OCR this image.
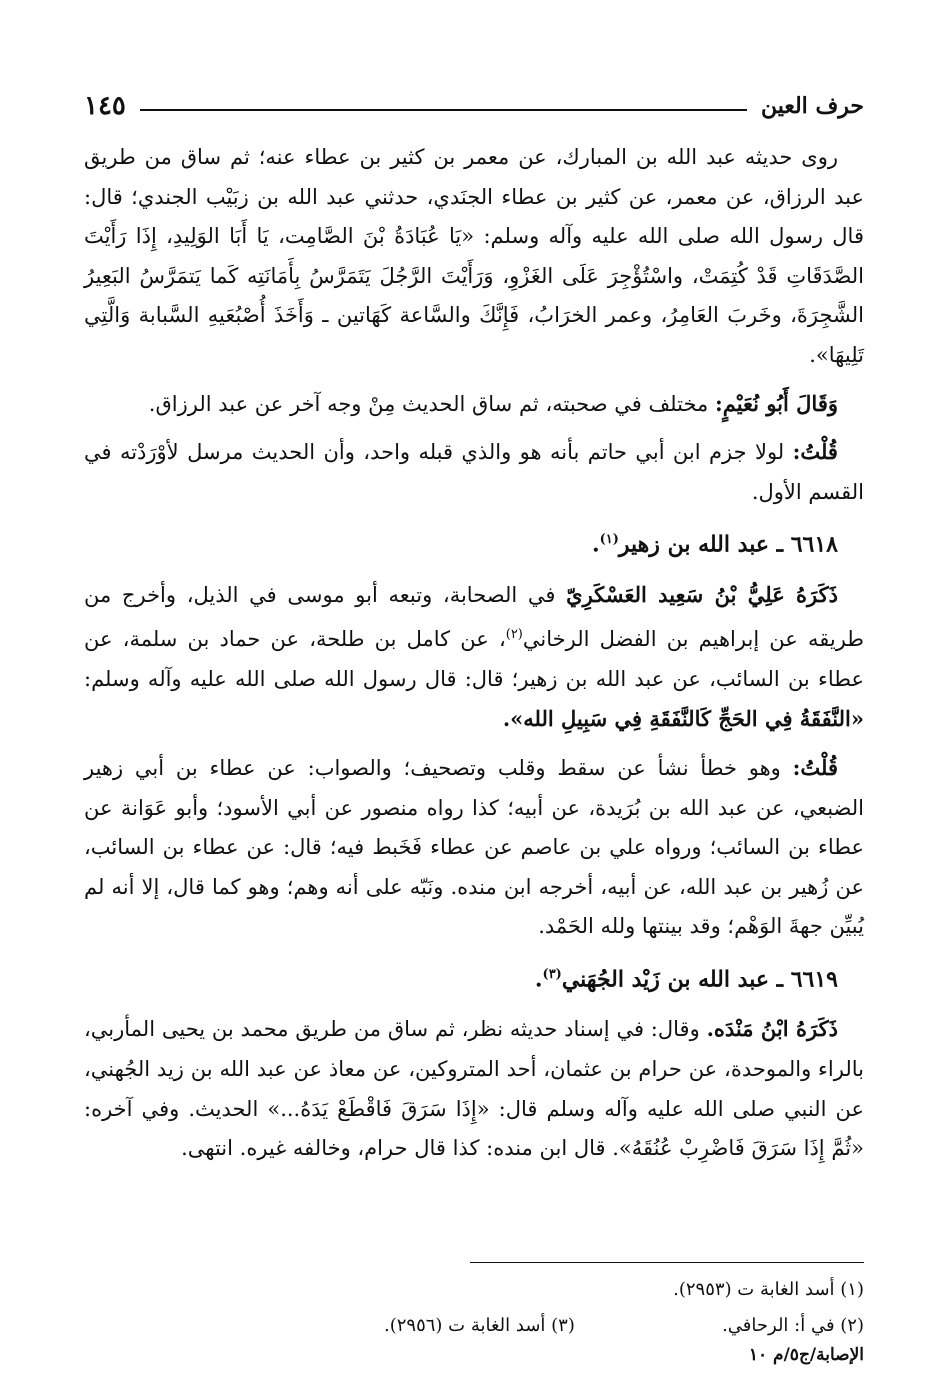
حرف العين
١٤٥

روى حديثه عبد الله بن المبارك، عن معمر بن كثير بن عطاء عنه؛ ثم ساق من طريق عبد الرزاق، عن معمر، عن كثير بن عطاء الجنَدي، حدثني عبد الله بن زبَيْب الجندي؛ قال: قال رسول الله صلى الله عليه وآله وسلم: «يَا عُبَادَةُ بْنَ الصَّامِت، يَا أَبَا الوَلِيدِ، إِذَا رَأَيْتَ الصَّدَقَاتِ قَدْ كُتِمَتْ، واسْتُؤْجِرَ عَلَى الغَزْوِ، وَرَأَيْتَ الرَّجُلَ يَتَمَرَّسُ بِأَمَانَتِه كَما يَتمَرَّسُ البَعِيرُ الشَّجِرَةَ، وخَربَ العَامِرُ، وعمر الخرَابُ، فَإِنَّكَ والسَّاعة كَهَاتين ـ وَأَخَذَ أُصْبُعَيهِ السَّبابة وَالَّتِي تَلِيهَا».

وَقَالَ أَبُو نُعَيْمٍ: مختلف في صحبته، ثم ساق الحديث مِنْ وجه آخر عن عبد الرزاق.

قُلْتُ: لولا جزم ابن أبي حاتم بأنه هو والذي قبله واحد، وأن الحديث مرسل لأوْرَدْته في القسم الأول.

٦٦١٨ ـ عبد الله بن زهير$^{(١)}$.

ذَكَرَهُ عَلِيُّ بْنُ سَعِيد العَسْكَرِيّ في الصحابة، وتبعه أبو موسى في الذيل، وأخرج من طريقه عن إبراهيم بن الفضل الرخاني$^{(٢)}$، عن كامل بن طلحة، عن حماد بن سلمة، عن عطاء بن السائب، عن عبد الله بن زهير؛ قال: قال رسول الله صلى الله عليه وآله وسلم: «النَّفَقَةُ فِي الحَجِّ كَالنَّفَقَةِ فِي سَبِيلِ الله».

قُلْتُ: وهو خطأ نشأ عن سقط وقلب وتصحيف؛ والصواب: عن عطاء بن أبي زهير الضبعي، عن عبد الله بن بُرَيدة، عن أبيه؛ كذا رواه منصور عن أبي الأسود؛ وأبو عَوَانة عن عطاء بن السائب؛ ورواه علي بن عاصم عن عطاء فَخَبط فيه؛ قال: عن عطاء بن السائب، عن زُهير بن عبد الله، عن أبيه، أخرجه ابن منده. ونَبّه على أنه وهم؛ وهو كما قال، إلا أنه لم يُبيِّن جهةَ الوَهْم؛ وقد بينتها ولله الحَمْد.

٦٦١٩ ـ عبد الله بن زَيْد الجُهَني$^{(٣)}$.

ذَكَرَهُ ابْنُ مَنْدَه. وقال: في إسناد حديثه نظر، ثم ساق من طريق محمد بن يحيى المأربي، بالراء والموحدة، عن حرام بن عثمان، أحد المتروكين، عن معاذ عن عبد الله بن زيد الجُهني، عن النبي صلى الله عليه وآله وسلم قال: «إِذَا سَرَقَ فَاقْطَعْ يَدَهُ...» الحديث. وفي آخره: «ثُمَّ إِذَا سَرَقَ فَاضْرِبْ عُنُقَهُ». قال ابن منده: كذا قال حرام، وخالفه غيره. انتهى.

(١) أسد الغابة ت (٢٩٥٣).
(٢) في أ: الرحافي.
(٣) أسد الغابة ت (٢٩٥٦).
الإصابة/ج٥/م ١٠
